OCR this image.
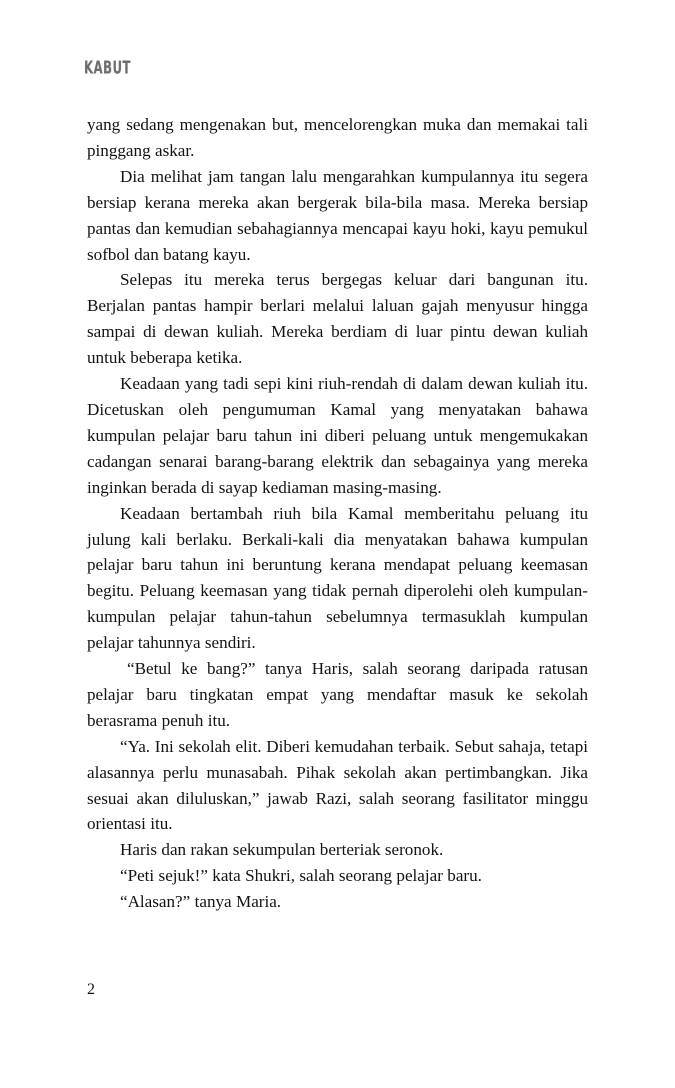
KABUT

yang sedang mengenakan but, mencelorengkan muka dan memakai tali pinggang askar.

Dia melihat jam tangan lalu mengarahkan kumpulannya itu segera bersiap kerana mereka akan bergerak bila-bila masa. Mereka bersiap pantas dan kemudian sebahagiannya mencapai kayu hoki, kayu pemukul sofbol dan batang kayu.

Selepas itu mereka terus bergegas keluar dari bangunan itu. Berjalan pantas hampir berlari melalui laluan gajah menyusur hingga sampai di dewan kuliah. Mereka berdiam di luar pintu dewan kuliah untuk beberapa ketika.

Keadaan yang tadi sepi kini riuh-rendah di dalam dewan kuliah itu. Dicetuskan oleh pengumuman Kamal yang menyatakan bahawa kumpulan pelajar baru tahun ini diberi peluang untuk mengemukakan cadangan senarai barang-barang elektrik dan sebagainya yang mereka inginkan berada di sayap kediaman masing-masing.

Keadaan bertambah riuh bila Kamal memberitahu peluang itu julung kali berlaku. Berkali-kali dia menyatakan bahawa kumpulan pelajar baru tahun ini beruntung kerana mendapat peluang keemasan begitu. Peluang keemasan yang tidak pernah diperolehi oleh kumpulan-kumpulan pelajar tahun-tahun sebelumnya termasuklah kumpulan pelajar tahunnya sendiri.

“Betul ke bang?” tanya Haris, salah seorang daripada ratusan pelajar baru tingkatan empat yang mendaftar masuk ke sekolah berasrama penuh itu.

“Ya. Ini sekolah elit. Diberi kemudahan terbaik. Sebut sahaja, tetapi alasannya perlu munasabah. Pihak sekolah akan pertimbangkan. Jika sesuai akan diluluskan,” jawab Razi, salah seorang fasilitator minggu orientasi itu.

Haris dan rakan sekumpulan berteriak seronok.

“Peti sejuk!” kata Shukri, salah seorang pelajar baru.

“Alasan?” tanya Maria.

2
